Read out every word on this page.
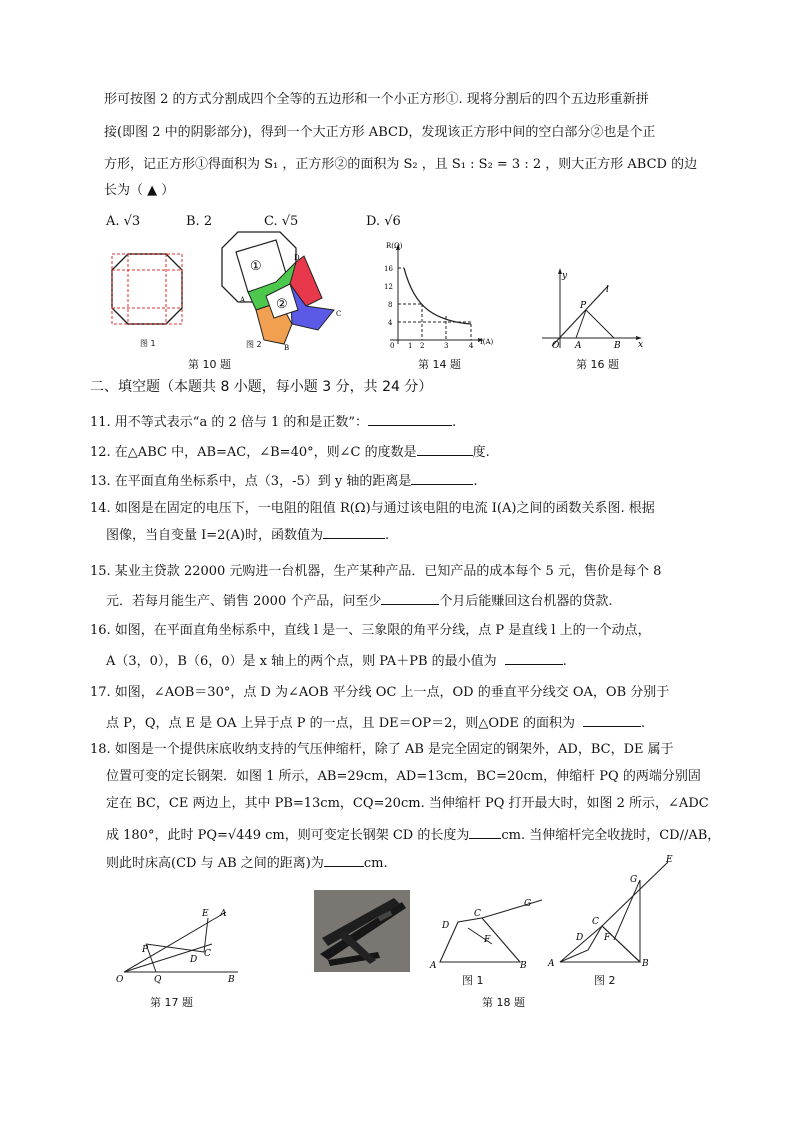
形可按图 2 的方式分割成四个全等的五边形和一个小正方形①. 现将分割后的四个五边形重新拼
接(即图 2 中的阴影部分)，得到一个大正方形 ABCD，发现该正方形中间的空白部分②也是个正
方形，记正方形①得面积为 S₁ ，正方形②的面积为 S₂ ，且 S₁ : S₂ = 3 : 2 ，则大正方形 ABCD 的边
长为（ ▲ ）
A. √3	B. 2	C. √5	D. √6
图 1
①
②
A
B
C
D
图 2
第 10 题
R(Ω)
I(A)
16
12
8
4
0 1 2	3	4
第 14 题
y
x
O A	B
P
l
第 16 题
二、填空题（本题共 8 小题，每小题 3 分，共 24 分）
11. 用不等式表示“a 的 2 倍与 1 的和是正数”：	.
12. 在△ABC 中，AB=AC，∠B=40°，则∠C 的度数是	度.
13. 在平面直角坐标系中，点（3，-5）到 y 轴的距离是	.
14. 如图是在固定的电压下，一电阻的阻值 R(Ω)与通过该电阻的电流 I(A)之间的函数关系图. 根据
图像，当自变量 I=2(A)时，函数值为	.
15. 某业主贷款 22000 元购进一台机器，生产某种产品．已知产品的成本每个 5 元，售价是每个 8
元．若每月能生产、销售 2000 个产品，问至少	个月后能赚回这台机器的贷款.
16. 如图，在平面直角坐标系中，直线 l 是一、三象限的角平分线，点 P 是直线 l 上的一个动点，
A（3，0），B（6，0）是 x 轴上的两个点，则 PA＋PB 的最小值为	.
17. 如图，∠AOB＝30°，点 D 为∠AOB 平分线 OC 上一点，OD 的垂直平分线交 OA，OB 分别于
点 P，Q，点 E 是 OA 上异于点 P 的一点，且 DE＝OP＝2，则△ODE 的面积为	.
18. 如图是一个提供床底收纳支持的气压伸缩杆，除了 AB 是完全固定的钢架外，AD，BC，DE 属于
位置可变的定长钢架．如图 1 所示，AB=29cm，AD=13cm，BC=20cm，伸缩杆 PQ 的两端分别固
定在 BC，CE 两边上，其中 PB=13cm，CQ=20cm. 当伸缩杆 PQ 打开最大时，如图 2 所示，∠ADC
成 180°，此时 PQ=√449 cm，则可变定长钢架 CD 的长度为 cm. 当伸缩杆完全收拢时，CD//AB，
则此时床高(CD 与 AB 之间的距离)为	cm.
O
P
Q
D
C
E A
B
第 17 题
A	B
C
D
F
G
图 1
A	B
C
D
E
F
G
图 2
第 18 题
